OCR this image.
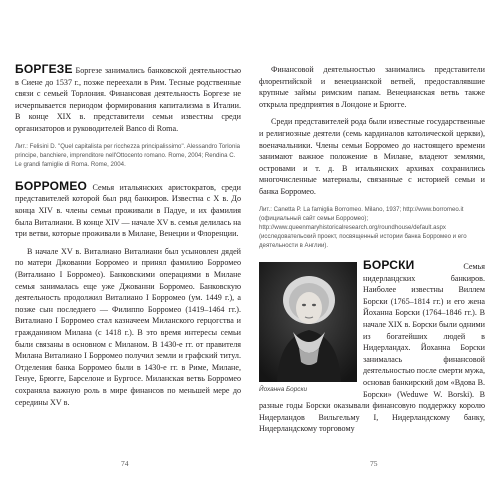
БОРГЕЗЕ Боргезе занимались банковской деятельностью в Сиене до 1537 г., позже переехали в Рим. Тесные родственные связи с семьей Торлония. Финансовая деятельность Боргезе не исчерпывается периодом формирования капитализма в Италии. В конце XIX в. представители семьи известны среди организаторов и руководителей Banco di Roma.

Лит.: Felisini D. "Quel capitalista per ricchezza principalissimo". Alessandro Torlonia principe, banchiere, imprenditore nell'Ottocento romano. Rome, 2004; Rendina C. Le grandi famiglie di Roma. Rome, 2004.

БОРРОМЕО Семья итальянских аристократов, среди представителей которой был ряд банкиров. Известна с X в. До конца XIV в. члены семьи проживали в Падуе, и их фамилия была Виталиани. В конце XIV — начале XV в. семья делилась на три ветви, которые проживали в Милане, Венеции и Флоренции.

В начале XV в. Виталиано Виталиани был усыновлен дядей по матери Джованни Борромео и принял фамилию Борромео (Виталиано I Борромео). Банковскими операциями в Милане семья занималась еще уже Джованни Борромео. Банковскую деятельность продолжил Виталиано I Борромео (ум. 1449 г.), а позже сын последнего — Филиппо Борромео (1419–1464 гг.). Виталиано I Борромео стал казначеем Миланского герцогства и гражданином Милана (с 1418 г.). В это время интересы семьи были связаны в основном с Миланом. В 1430-е гг. от правителя Милана Виталиано I Борромео получил земли и графский титул. Отделения банка Борромео были в 1430-е гг. в Риме, Милане, Генуе, Брюгге, Барселоне и Бургосе. Миланская ветвь Борромео сохраняла важную роль в мире финансов по меньшей мере до середины XV в.

74

Финансовой деятельностью занимались представители флорентийской и венецианской ветвей, предоставлявшие крупные займы римским папам. Венецианская ветвь также открыла предприятия в Лондоне и Брюгге.

Среди представителей рода были известные государственные и религиозные деятели (семь кардиналов католической церкви), военачальники. Члены семьи Борромео до настоящего времени занимают важное положение в Милане, владеют землями, островами и т. д. В итальянских архивах сохранились многочисленные материалы, связанные с историей семьи и банка Борромео.

Лит.: Canetta P. La famiglia Borromeo. Milano, 1937; http://www.borromeo.it (официальный сайт семьи Борромео); http://www.queenmaryhistoricalresearch.org/roundhouse/default.aspx (исследовательский проект, посвященный истории банка Борромео и его деятельности в Англии).

Йоханна Борски

БОРСКИ Семья нидерландских банкиров. Наиболее известны Виллем Борски (1765–1814 гг.) и его жена Йоханна Борски (1764–1846 гг.). В начале XIX в. Борски были одними из богатейших людей в Нидерландах. Йоханна Борски занималась финансовой деятельностью после смерти мужа, основав банкирский дом «Вдова В. Борски» (Weduwe W. Borski). В разные годы Борски оказывали финансовую поддержку королю Нидерландов Вильгельму I, Нидерландскому банку, Нидерландскому торговому

75
